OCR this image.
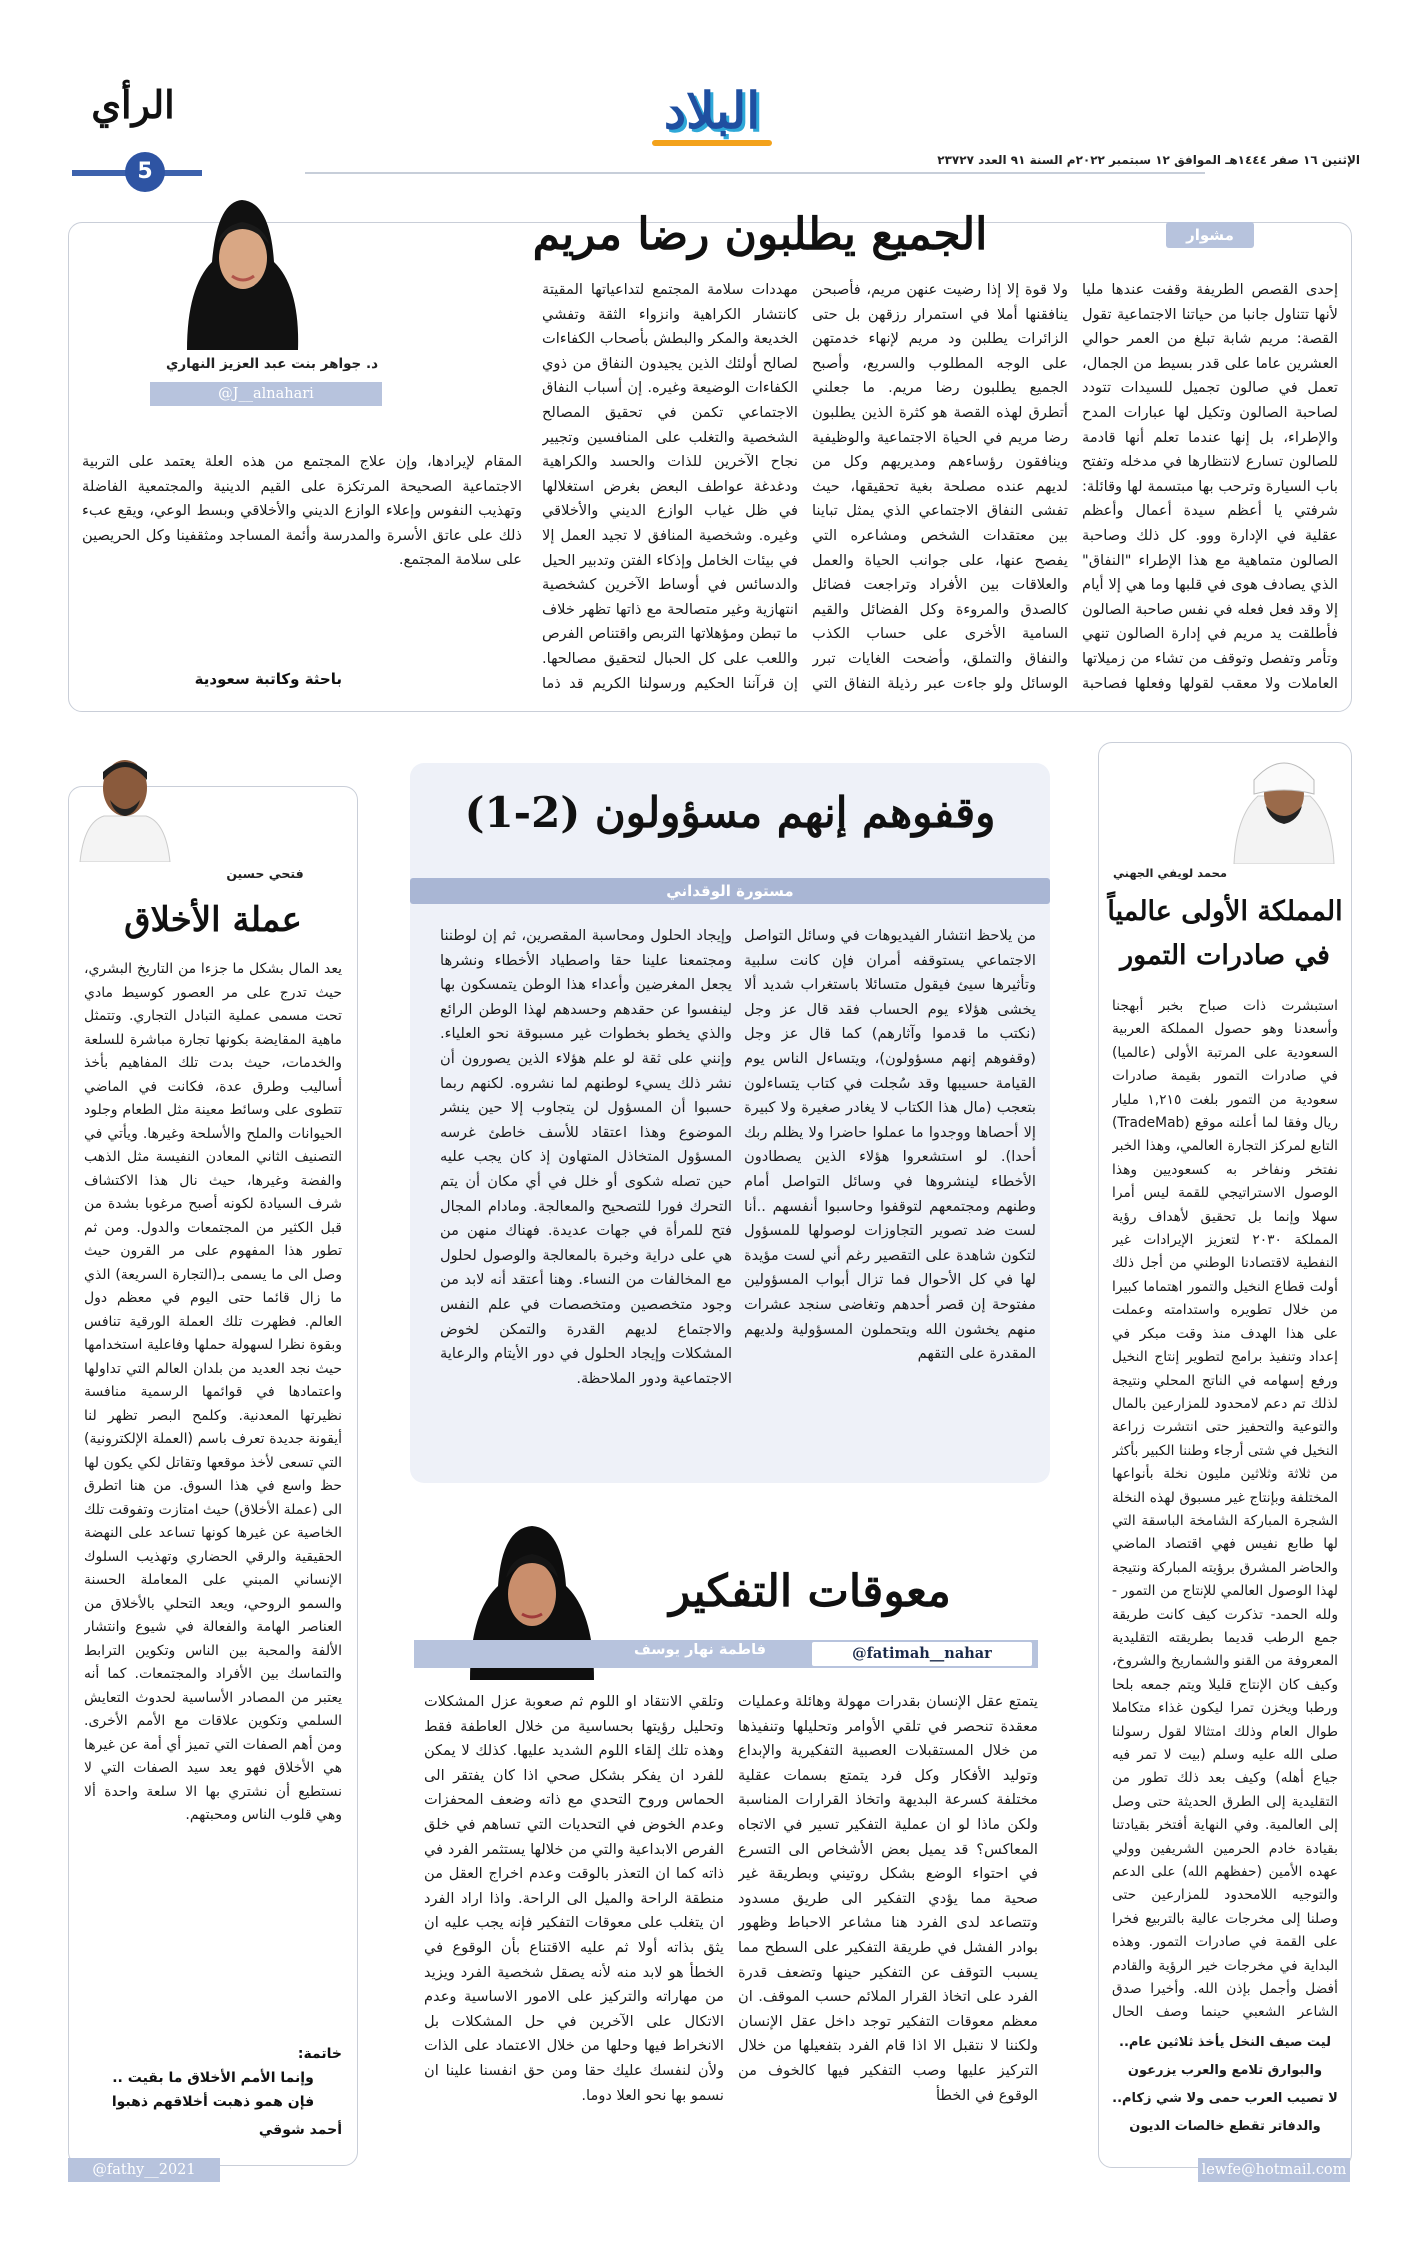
الإثنين ١٦ صفر ١٤٤٤هـ الموافق ١٢ سبتمبر ٢٠٢٢م السنة ٩١ العدد ٢٣٧٢٧
الرأي
5
البلاد
مشوار
الجميع يطلبون رضا مريم

إحدى القصص الطريفة وقفت عندها مليا لأنها تتناول جانبا من حياتنا الاجتماعية تقول القصة: مريم شابة تبلغ من العمر حوالي العشرين عاما على قدر بسيط من الجمال، تعمل في صالون تجميل للسيدات تتودد لصاحبة الصالون وتكيل لها عبارات المدح والإطراء، بل إنها عندما تعلم أنها قادمة للصالون تسارع لانتظارها في مدخله وتفتح باب السيارة وترحب بها مبتسمة لها وقائلة: شرفتي يا أعظم سيدة أعمال وأعظم عقلية في الإدارة ووو. كل ذلك وصاحبة الصالون متماهية مع هذا الإطراء "النفاق" الذي يصادف هوى في قلبها وما هي إلا أيام إلا وقد فعل فعله في نفس صاحبة الصالون فأطلقت يد مريم في إدارة الصالون تنهي وتأمر وتفصل وتوقف من تشاء من زميلاتها العاملات ولا معقب لقولها وفعلها فصاحبة

ولا قوة إلا إذا رضيت عنهن مريم، فأصبحن ينافقنها أملا في استمرار رزقهن بل حتى الزائرات يطلبن ود مريم لإنهاء خدمتهن على الوجه المطلوب والسريع، وأصبح الجميع يطلبون رضا مريم. ما جعلني أتطرق لهذه القصة هو كثرة الذين يطلبون رضا مريم في الحياة الاجتماعية والوظيفية وينافقون رؤساءهم ومديريهم وكل من لديهم عنده مصلحة بغية تحقيقها، حيث تفشى النفاق الاجتماعي الذي يمثل تباينا بين معتقدات الشخص ومشاعره التي يفصح عنها، على جوانب الحياة والعمل والعلاقات بين الأفراد وتراجعت فضائل كالصدق والمروءة وكل الفضائل والقيم السامية الأخرى على حساب الكذب والنفاق والتملق، وأضحت الغايات تبرر الوسائل ولو جاءت عبر رذيلة النفاق التي

مهددات سلامة المجتمع لتداعياتها المقيتة كانتشار الكراهية وانزواء الثقة وتفشي الخديعة والمكر والبطش بأصحاب الكفاءات لصالح أولئك الذين يجيدون النفاق من ذوي الكفاءات الوضيعة وغيره. إن أسباب النفاق الاجتماعي تكمن في تحقيق المصالح الشخصية والتغلب على المنافسين وتجيير نجاح الآخرين للذات والحسد والكراهية ودغدغة عواطف البعض بغرض استغلالها في ظل غياب الوازع الديني والأخلاقي وغيره. وشخصية المنافق لا تجيد العمل إلا في بيئات الخامل وإذكاء الفتن وتدبير الحيل والدسائس في أوساط الآخرين كشخصية انتهازية وغير متصالحة مع ذاتها تظهر خلاف ما تبطن ومؤهلاتها التربص واقتناص الفرص واللعب على كل الحبال لتحقيق مصالحها. إن قرآننا الحكيم ورسولنا الكريم قد ذما

د. جواهر بنت عبد العزيز النهاري
@J__alnahari

المقام لإيرادها، وإن علاج المجتمع من هذه العلة يعتمد على التربية الاجتماعية الصحيحة المرتكزة على القيم الدينية والمجتمعية الفاضلة وتهذيب النفوس وإعلاء الوازع الديني والأخلاقي وبسط الوعي، ويقع عبء ذلك على عاتق الأسرة والمدرسة وأئمة المساجد ومثقفينا وكل الحريصين على سلامة المجتمع.

باحثة وكاتبة سعودية
محمد لويفي الجهني
المملكة الأولى عالمياً
في صادرات التمور

استبشرت ذات صباح بخبر أبهجنا وأسعدنا وهو حصول المملكة العربية السعودية على المرتبة الأولى (عالميا) في صادرات التمور بقيمة صادرات سعودية من التمور بلغت ١,٢١٥ مليار ريال وفقا لما أعلنه موقع (TradeMab) التابع لمركز التجارة العالمي، وهذا الخبر نفتخر ونفاخر به كسعوديين وهذا الوصول الاستراتيجي للقمة ليس أمرا سهلا وإنما بل تحقيق لأهداف رؤية المملكة ٢٠٣٠ لتعزيز الإيرادات غير النفطية لاقتصادنا الوطني من أجل ذلك أولت قطاع النخيل والتمور اهتماما كبيرا من خلال تطويره واستدامته وعملت على هذا الهدف منذ وقت مبكر في إعداد وتنفيذ برامج لتطوير إنتاج النخيل ورفع إسهامه في الناتج المحلي ونتيجة لذلك تم دعم لامحدود للمزارعين بالمال والتوعية والتحفيز حتى انتشرت زراعة النخيل في شتى أرجاء وطننا الكبير بأكثر من ثلاثة وثلاثين مليون نخلة بأنواعها المختلفة وبإنتاج غير مسبوق لهذه النخلة الشجرة المباركة الشامخة الباسقة التي لها طابع نفيس فهي اقتصاد الماضي والحاضر المشرق برؤيته المباركة ونتيجة لهذا الوصول العالمي للإنتاج من التمور - ولله الحمد- تذكرت كيف كانت طريقة جمع الرطب قديما بطريقته التقليدية المعروفة من القنو والشماريخ والشروخ، وكيف كان الإنتاج قليلا ويتم جمعه بلحا ورطبا ويخزن تمرا ليكون غذاء متكاملا طوال العام وذلك امتثالا لقول رسولنا صلى الله عليه وسلم (بيت لا تمر فيه جياع أهله) وكيف بعد ذلك تطور من التقليدية إلى الطرق الحديثة حتى وصل إلى العالمية. وفي النهاية أفتخر بقيادتنا بقيادة خادم الحرمين الشريفين وولي عهده الأمين (حفظهم الله) على الدعم والتوجيه اللامحدود للمزارعين حتى وصلنا إلى مخرجات عالية بالتربيع فخرا على القمة في صادرات التمور. وهذه البداية في مخرجات خير الرؤية والقادم أفضل وأجمل بإذن الله. وأخيرا صدق الشاعر الشعبي حينما وصف الحال

ليت صيف النخل يأخذ ثلاثين عام..

والبوارق تلامع والعرب يزرعون

لا تصيب العرب حمى ولا شي زكام..

والدفاتر تقطع خالصات الديون

lewfe@hotmail.com
وقفوهم إنهم مسؤولون (2-1)
مستورة الوقداني

من يلاحظ انتشار الفيديوهات في وسائل التواصل الاجتماعي يستوقفه أمران فإن كانت سلبية وتأثيرها سيئ فيقول متسائلا باستغراب شديد ألا يخشى هؤلاء يوم الحساب فقد قال عز وجل (نكتب ما قدموا وآثارهم) كما قال عز وجل (وقفوهم إنهم مسؤولون)، ويتساءل الناس يوم القيامة حسيبها وقد سُجلت في كتاب يتساءلون بتعجب (مال هذا الكتاب لا يغادر صغيرة ولا كبيرة إلا أحصاها ووجدوا ما عملوا حاضرا ولا يظلم ربك أحدا). لو استشعروا هؤلاء الذين يصطادون الأخطاء لينشروها في وسائل التواصل أمام وطنهم ومجتمعهم لتوقفوا وحاسبوا أنفسهم ..أنا لست ضد تصوير التجاوزات لوصولها للمسؤول لتكون شاهدة على التقصير رغم أني لست مؤيدة لها في كل الأحوال فما تزال أبواب المسؤولين مفتوحة إن قصر أحدهم وتغاضى سنجد عشرات منهم يخشون الله ويتحملون المسؤولية ولديهم المقدرة على التقهم

وإيجاد الحلول ومحاسبة المقصرين، ثم إن لوطننا ومجتمعنا علينا حقا واصطياد الأخطاء ونشرها يجعل المغرضين وأعداء هذا الوطن يتمسكون بها لينفسوا عن حقدهم وحسدهم لهذا الوطن الرائع والذي يخطو بخطوات غير مسبوقة نحو العلياء. وإنني على ثقة لو علم هؤلاء الذين يصورون أن نشر ذلك يسيء لوطنهم لما نشروه. لكنهم ربما حسبوا أن المسؤول لن يتجاوب إلا حين ينشر الموضوع وهذا اعتقاد للأسف خاطئ غرسه المسؤول المتخاذل المتهاون إذ كان يجب عليه حين تصله شكوى أو خلل في أي مكان أن يتم التحرك فورا للتصحيح والمعالجة. ومادام المجال فتح للمرأة في جهات عديدة. فهناك منهن من هي على دراية وخبرة بالمعالجة والوصول لحلول مع المخالفات من النساء. وهنا أعتقد أنه لابد من وجود متخصصين ومتخصصات في علم النفس والاجتماع لديهم القدرة والتمكن لخوض المشكلات وإيجاد الحلول في دور الأيتام والرعاية الاجتماعية ودور الملاحظة.

فتحي حسين
عملة الأخلاق

يعد المال بشكل ما جزءا من التاريخ البشري، حيث تدرج على مر العصور كوسيط مادي تحت مسمى عملية التبادل التجاري. وتتمثل ماهية المقايضة بكونها تجارة مباشرة للسلعة والخدمات، حيث بدت تلك المفاهيم بأخذ أساليب وطرق عدة، فكانت في الماضي تتطوى على وسائط معينة مثل الطعام وجلود الحيوانات والملح والأسلحة وغيرها. ويأتي في التصنيف الثاني المعادن النفيسة مثل الذهب والفضة وغيرها، حيث نال هذا الاكتشاف شرف السيادة لكونه أصبح مرغوبا بشدة من قبل الكثير من المجتمعات والدول. ومن ثم تطور هذا المفهوم على مر القرون حيث وصل الى ما يسمى بـ(التجارة السريعة) الذي ما زال قائما حتى اليوم في معظم دول العالم. فظهرت تلك العملة الورقية تنافس وبقوة نظرا لسهولة حملها وفاعلية استخدامها حيث نجد العديد من بلدان العالم التي تداولها واعتمادها في قوائمها الرسمية منافسة نظيرتها المعدنية. وكلمح البصر تظهر لنا أيقونة جديدة تعرف باسم (العملة الإلكترونية) التي تسعى لأخذ موقعها وتقاتل لكي يكون لها حظ واسع في هذا السوق. من هنا اتطرق الى (عملة الأخلاق) حيث امتازت وتفوقت تلك الخاصية عن غيرها كونها تساعد على النهضة الحقيقية والرقي الحضاري وتهذيب السلوك الإنساني المبني على المعاملة الحسنة والسمو الروحي، ويعد التحلي بالأخلاق من العناصر الهامة والفعالة في شيوع وانتشار الألفة والمحبة بين الناس وتكوين الترابط والتماسك بين الأفراد والمجتمعات. كما أنه يعتبر من المصادر الأساسية لحدوث التعايش السلمي وتكوين علاقات مع الأمم الأخرى. ومن أهم الصفات التي تميز أي أمة عن غيرها هي الأخلاق فهو يعد سيد الصفات التي لا نستطيع أن نشتري بها الا سلعة واحدة ألا وهي قلوب الناس ومحبتهم.

خاتمة:
وإنما الأمم الأخلاق ما بقيت ..
فإن همو ذهبت أخلاقهم ذهبوا
أحمد شوقي
@fathy__2021
معوقات التفكير
فاطمة نهار يوسف	@fatimah__nahar

يتمتع عقل الإنسان بقدرات مهولة وهائلة وعمليات معقدة تنحصر في تلقي الأوامر وتحليلها وتنفيذها من خلال المستقبلات العصبية التفكيرية والإبداع وتوليد الأفكار وكل فرد يتمتع بسمات عقلية مختلفة كسرعة البديهة واتخاذ القرارات المناسبة ولكن ماذا لو ان عملية التفكير تسير في الاتجاه المعاكس؟ قد يميل بعض الأشخاص الى التسرع في احتواء الوضع بشكل روتيني وبطريقة غير صحية مما يؤدي التفكير الى طريق مسدود وتتصاعد لدى الفرد هنا مشاعر الاحباط وظهور بوادر الفشل في طريقة التفكير على السطح مما يسبب التوقف عن التفكير حينها وتضعف قدرة الفرد على اتخاذ القرار الملائم حسب الموقف. ان معظم معوقات التفكير توجد داخل عقل الإنسان ولكننا لا نتقبل الا اذا قام الفرد بتفعيلها من خلال التركيز عليها وصب التفكير فيها كالخوف من الوقوع في الخطأ

وتلقي الانتقاد او اللوم ثم صعوبة عزل المشكلات وتحليل رؤيتها بحساسية من خلال العاطفة فقط وهذه تلك إلقاء اللوم الشديد عليها. كذلك لا يمكن للفرد ان يفكر بشكل صحي اذا كان يفتقر الى الحماس وروح التحدي مع ذاته وضعف المحفزات وعدم الخوض في التحديات التي تساهم في خلق الفرص الابداعية والتي من خلالها يستثمر الفرد في ذاته كما ان التعذر بالوقت وعدم اخراج العقل من منطقة الراحة والميل الى الراحة. واذا اراد الفرد ان يتغلب على معوقات التفكير فإنه يجب عليه ان يثق بذاته أولا ثم عليه الاقتناع بأن الوقوع في الخطأ هو لابد منه لأنه يصقل شخصية الفرد ويزيد من مهاراته والتركيز على الامور الاساسية وعدم الاتكال على الآخرين في حل المشكلات بل الانخراط فيها وحلها من خلال الاعتماد على الذات ولأن لنفسك عليك حقا ومن حق انفسنا علينا ان نسمو بها نحو العلا دوما.
